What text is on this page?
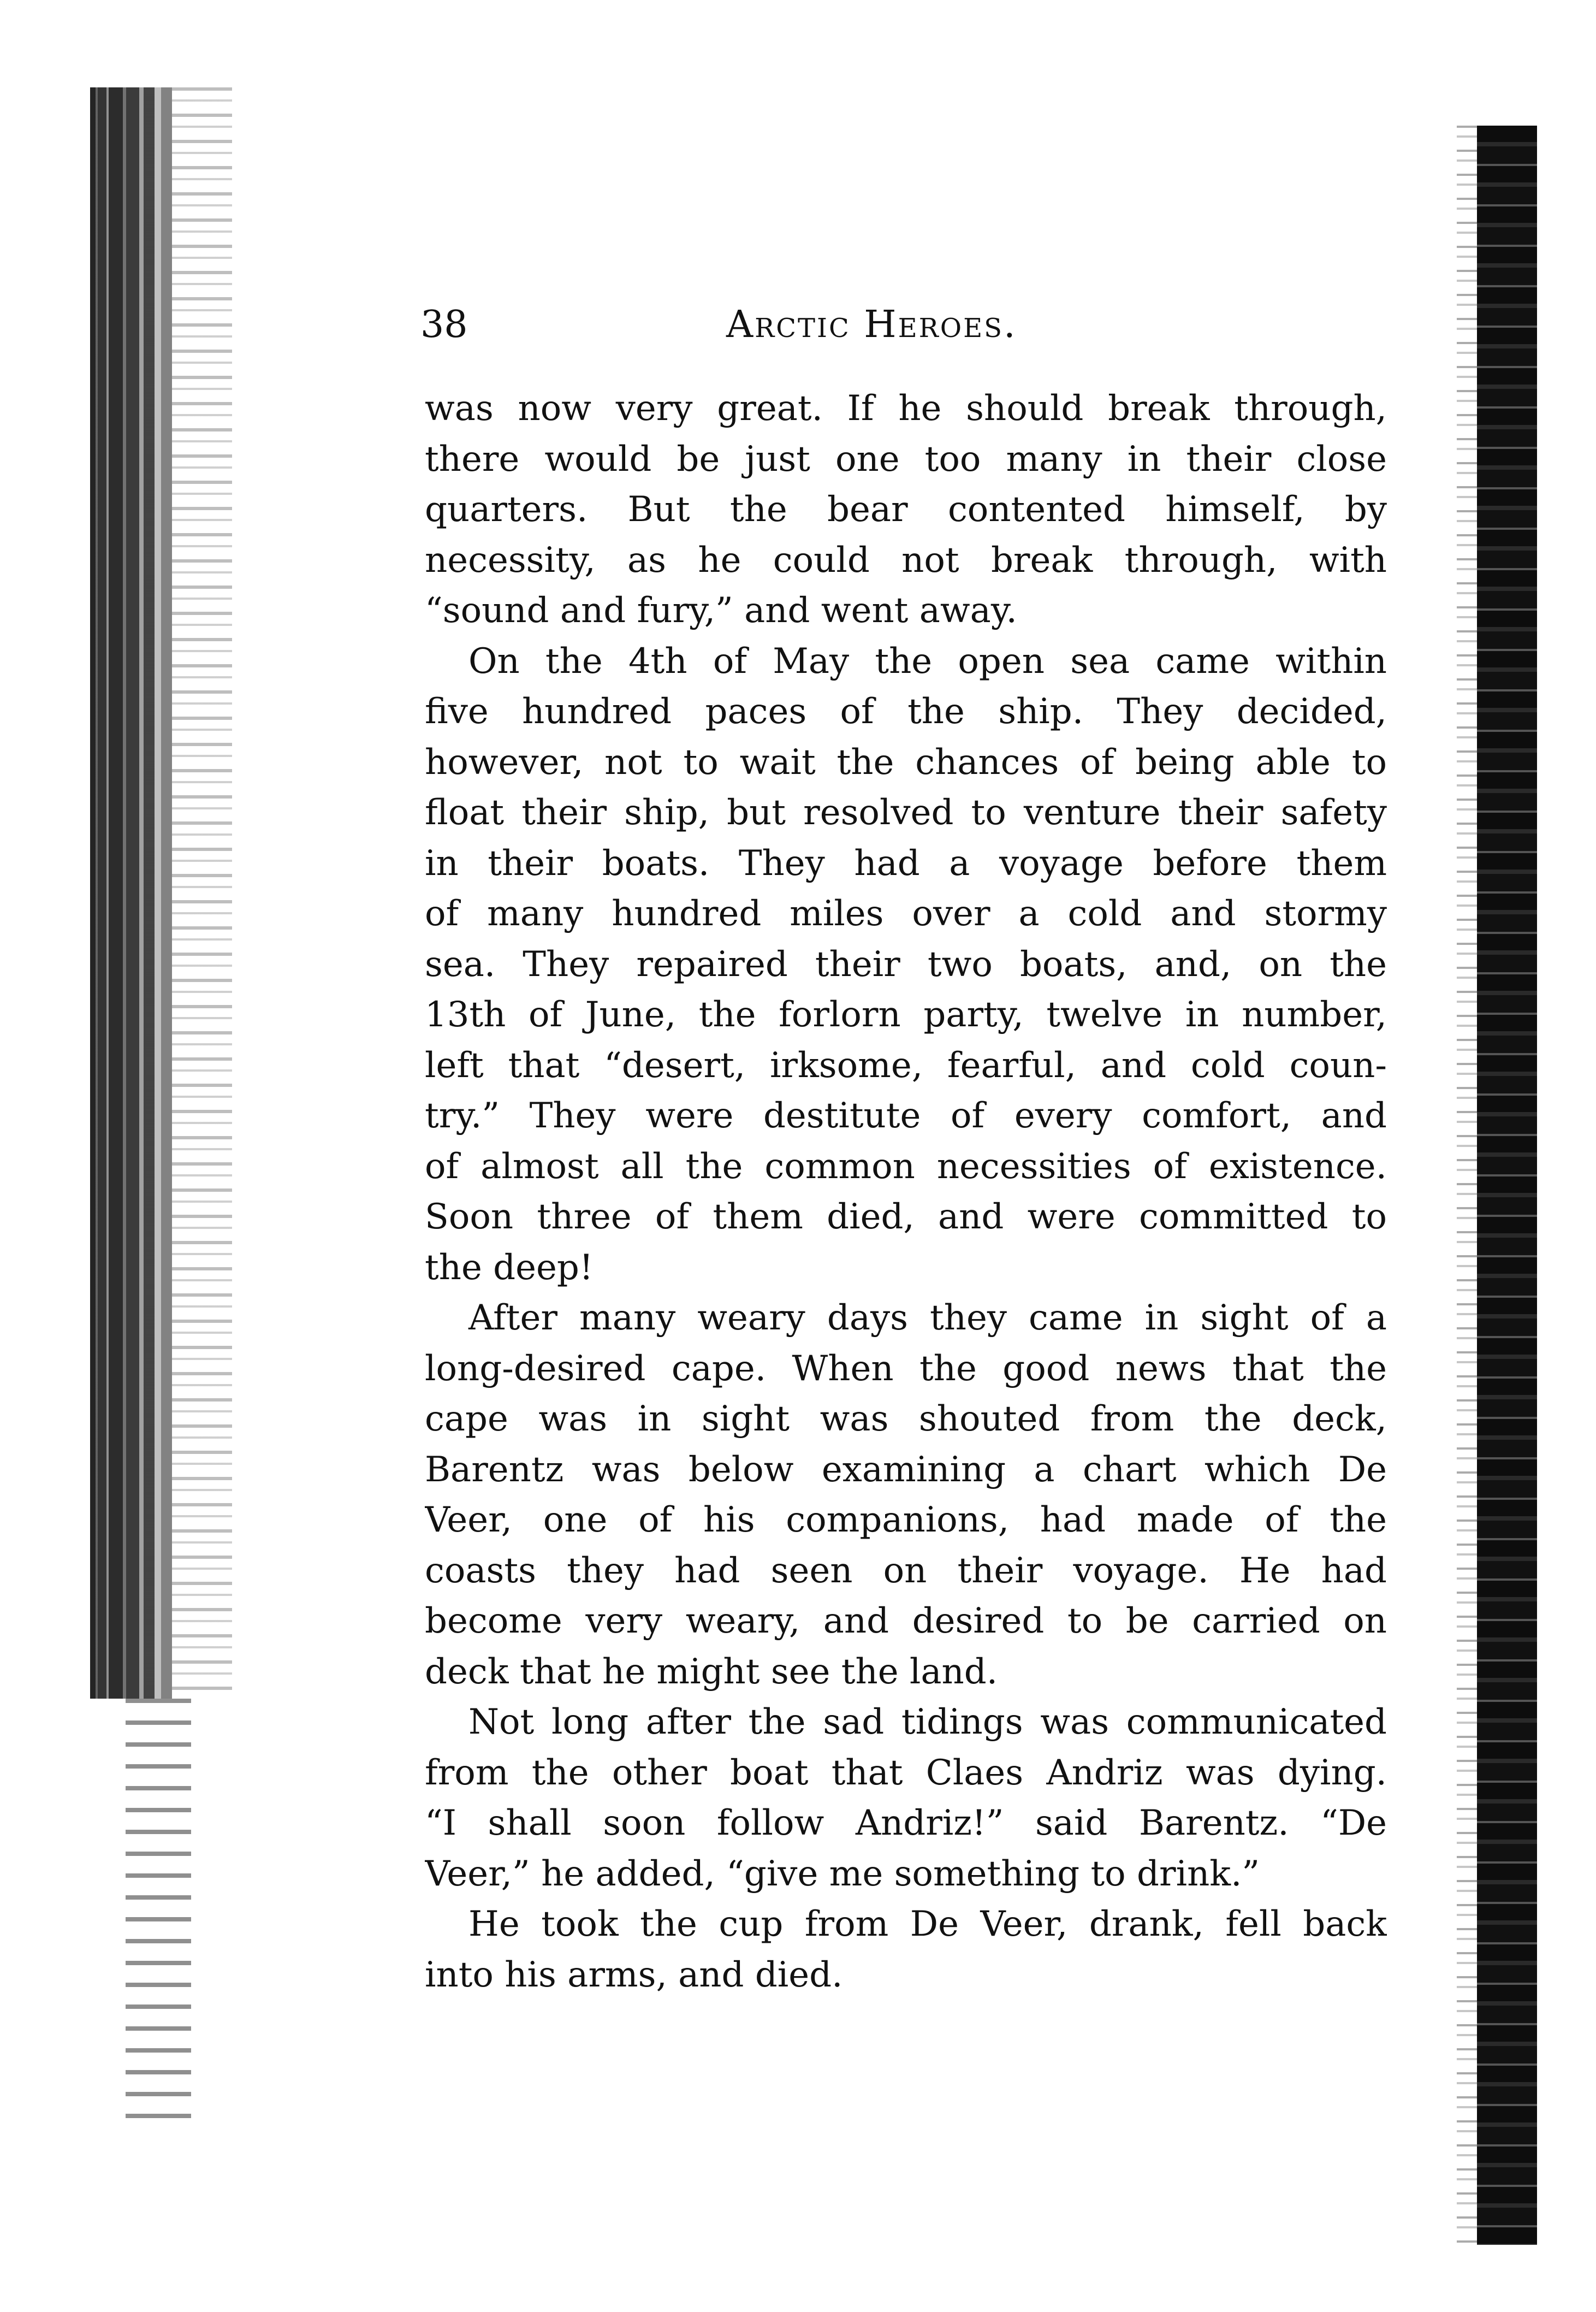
38	Arctic Heroes.
was now very great. If he should break through,
there would be just one too many in their close
quarters. But the bear contented himself, by
necessity, as he could not break through, with
“sound and fury,” and went away.
On the 4th of May the open sea came within
five hundred paces of the ship. They decided,
however, not to wait the chances of being able to
float their ship, but resolved to venture their safety
in their boats. They had a voyage before them
of many hundred miles over a cold and stormy
sea. They repaired their two boats, and, on the
13th of June, the forlorn party, twelve in number,
left that “desert, irksome, fearful, and cold coun-
try.” They were destitute of every comfort, and
of almost all the common necessities of existence.
Soon three of them died, and were committed to
the deep!
After many weary days they came in sight of a
long-desired cape. When the good news that the
cape was in sight was shouted from the deck,
Barentz was below examining a chart which De
Veer, one of his companions, had made of the
coasts they had seen on their voyage. He had
become very weary, and desired to be carried on
deck that he might see the land.
Not long after the sad tidings was communicated
from the other boat that Claes Andriz was dying.
“I shall soon follow Andriz!” said Barentz. “De
Veer,” he added, “give me something to drink.”
He took the cup from De Veer, drank, fell back
into his arms, and died.
